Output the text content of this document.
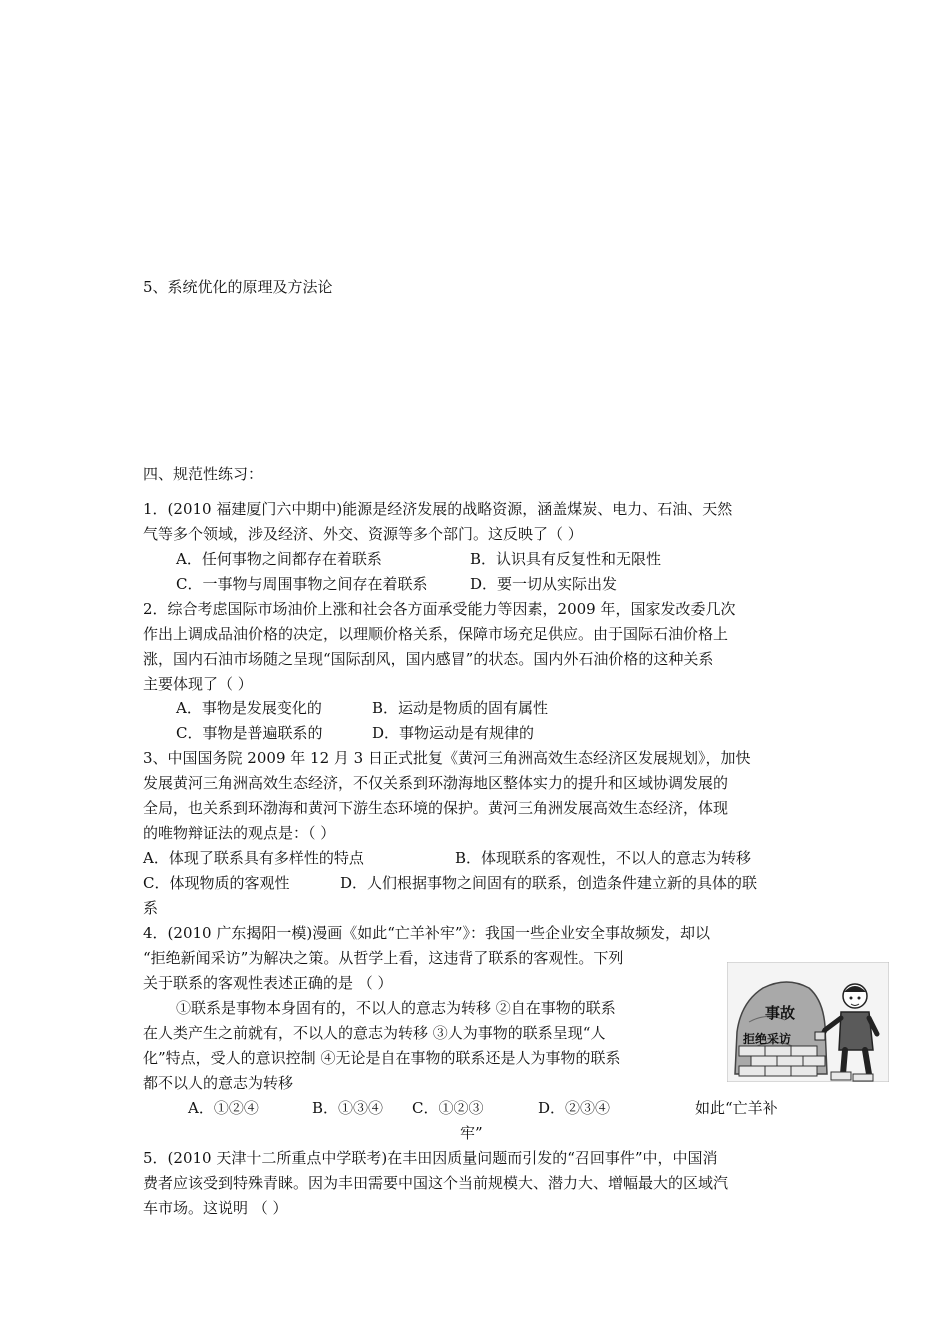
5、系统优化的原理及方法论
四、规范性练习：
1．(2010 福建厦门六中期中)能源是经济发展的战略资源，涵盖煤炭、电力、石油、天然
气等多个领域，涉及经济、外交、资源等多个部门。这反映了（ ）
A．任何事物之间都存在着联系	B．认识具有反复性和无限性
C．一事物与周围事物之间存在着联系	D．要一切从实际出发
2．综合考虑国际市场油价上涨和社会各方面承受能力等因素，2009 年，国家发改委几次
作出上调成品油价格的决定，以理顺价格关系，保障市场充足供应。由于国际石油价格上
涨，国内石油市场随之呈现“国际刮风，国内感冒”的状态。国内外石油价格的这种关系
主要体现了（ ）
A．事物是发展变化的	B．运动是物质的固有属性
C．事物是普遍联系的	D．事物运动是有规律的
3、中国国务院 2009 年 12 月 3 日正式批复《黄河三角洲高效生态经济区发展规划》，加快
发展黄河三角洲高效生态经济，不仅关系到环渤海地区整体实力的提升和区域协调发展的
全局，也关系到环渤海和黄河下游生态环境的保护。黄河三角洲发展高效生态经济，体现
的唯物辩证法的观点是：（ ）
A．体现了联系具有多样性的特点	B．体现联系的客观性，不以人的意志为转移
C．体现物质的客观性	D．人们根据事物之间固有的联系，创造条件建立新的具体的联
系
4．(2010 广东揭阳一模)漫画《如此“亡羊补牢”》：我国一些企业安全事故频发，却以
“拒绝新闻采访”为解决之策。从哲学上看，这违背了联系的客观性。下列
关于联系的客观性表述正确的是 （ ）
①联系是事物本身固有的，不以人的意志为转移 ②自在事物的联系
在人类产生之前就有，不以人的意志为转移 ③人为事物的联系呈现“人
化”特点，受人的意识控制 ④无论是自在事物的联系还是人为事物的联系
都不以人的意志为转移
A．①②④	B．①③④ C．①②③	D．②③④	如此“亡羊补
牢”
事故
拒绝采访
5．(2010 天津十二所重点中学联考)在丰田因质量问题而引发的“召回事件”中，中国消
费者应该受到特殊青睐。因为丰田需要中国这个当前规模大、潜力大、增幅最大的区域汽
车市场。这说明 （ ）
